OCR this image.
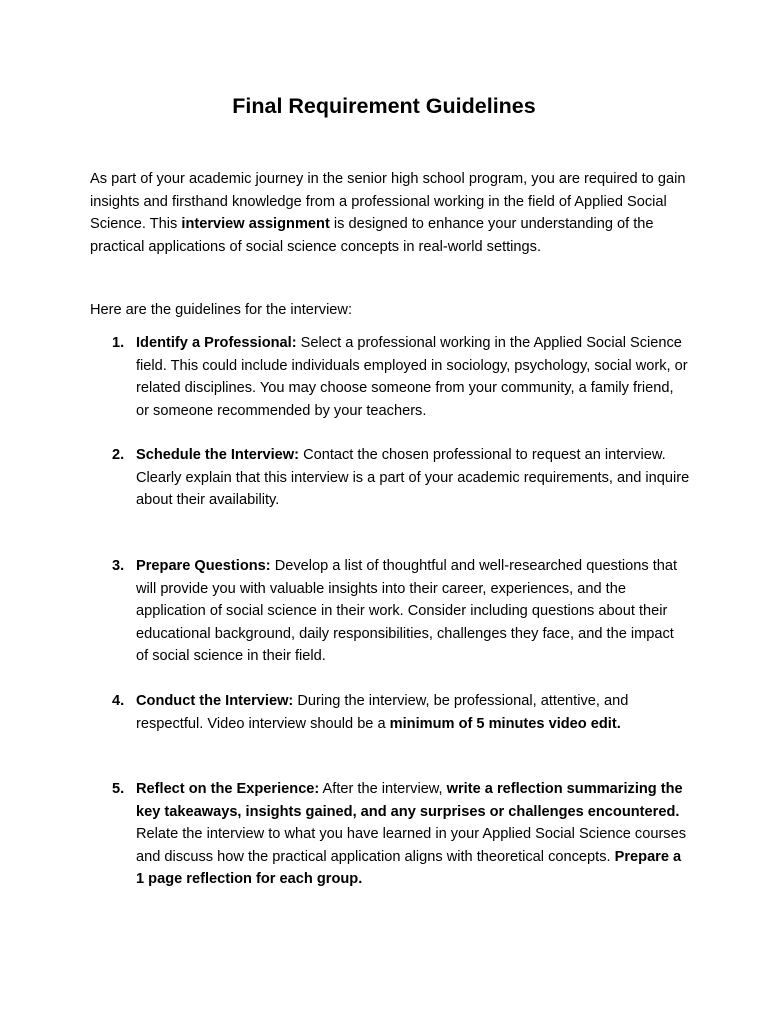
Final Requirement Guidelines

As part of your academic journey in the senior high school program, you are required to gain insights and firsthand knowledge from a professional working in the field of Applied Social Science. This interview assignment is designed to enhance your understanding of the practical applications of social science concepts in real-world settings.

Here are the guidelines for the interview:

1. Identify a Professional: Select a professional working in the Applied Social Science field. This could include individuals employed in sociology, psychology, social work, or related disciplines. You may choose someone from your community, a family friend, or someone recommended by your teachers.
2. Schedule the Interview: Contact the chosen professional to request an interview. Clearly explain that this interview is a part of your academic requirements, and inquire about their availability.
3. Prepare Questions: Develop a list of thoughtful and well-researched questions that will provide you with valuable insights into their career, experiences, and the application of social science in their work. Consider including questions about their educational background, daily responsibilities, challenges they face, and the impact of social science in their field.
4. Conduct the Interview: During the interview, be professional, attentive, and respectful. Video interview should be a minimum of 5 minutes video edit.
5. Reflect on the Experience: After the interview, write a reflection summarizing the key takeaways, insights gained, and any surprises or challenges encountered. Relate the interview to what you have learned in your Applied Social Science courses and discuss how the practical application aligns with theoretical concepts. Prepare a 1 page reflection for each group.
